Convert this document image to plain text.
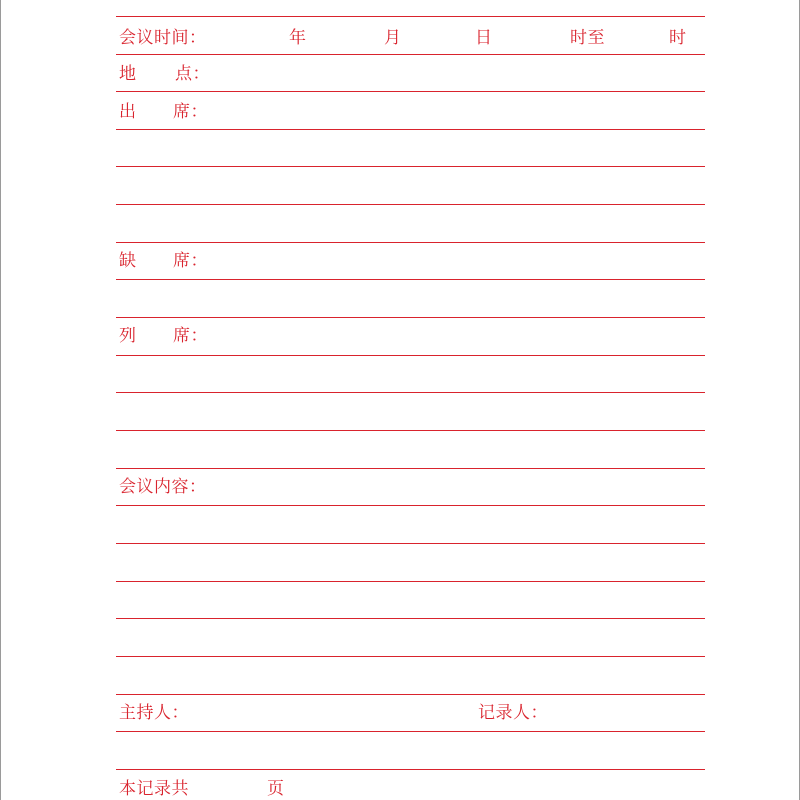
会议时间：	年	月	日	时至	时
地 点：
出 席：
缺 席：
列 席：
会议内容：
主持人：	记录人：
本记录共	页
